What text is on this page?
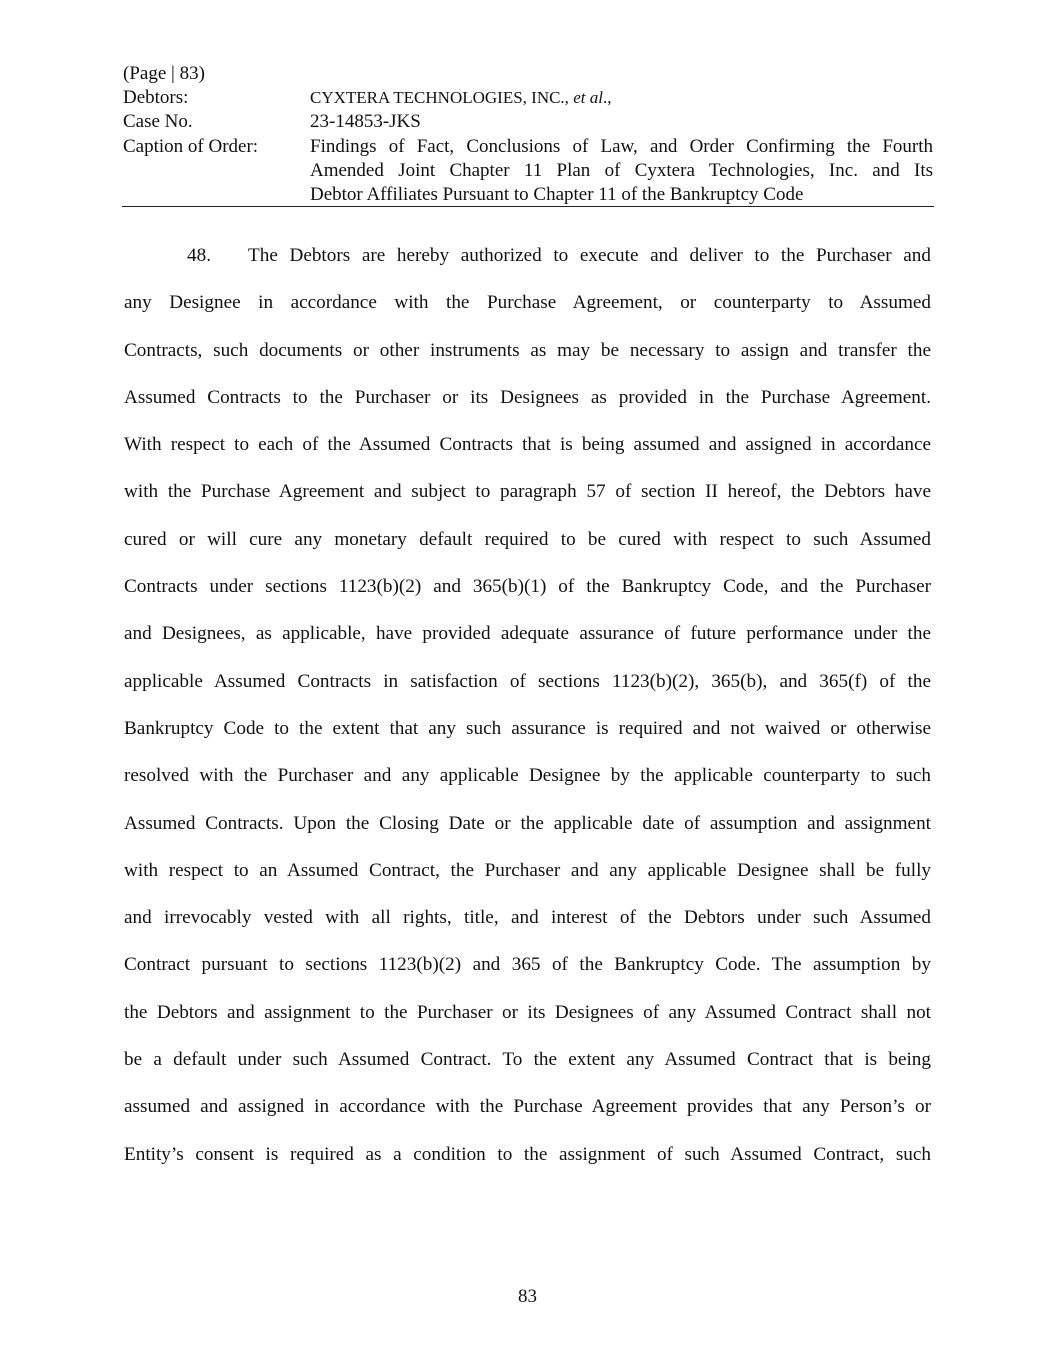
(Page | 83)
Debtors:	CYXTERA TECHNOLOGIES, INC., et al.,
Case No.	23-14853-JKS
Caption of Order:	Findings of Fact, Conclusions of Law, and Order Confirming the Fourth
Amended Joint Chapter 11 Plan of Cyxtera Technologies, Inc. and Its
Debtor Affiliates Pursuant to Chapter 11 of the Bankruptcy Code
48. The Debtors are hereby authorized to execute and deliver to the Purchaser and
any Designee in accordance with the Purchase Agreement, or counterparty to Assumed
Contracts, such documents or other instruments as may be necessary to assign and transfer the
Assumed Contracts to the Purchaser or its Designees as provided in the Purchase Agreement.
With respect to each of the Assumed Contracts that is being assumed and assigned in accordance
with the Purchase Agreement and subject to paragraph 57 of section II hereof, the Debtors have
cured or will cure any monetary default required to be cured with respect to such Assumed
Contracts under sections 1123(b)(2) and 365(b)(1) of the Bankruptcy Code, and the Purchaser
and Designees, as applicable, have provided adequate assurance of future performance under the
applicable Assumed Contracts in satisfaction of sections 1123(b)(2), 365(b), and 365(f) of the
Bankruptcy Code to the extent that any such assurance is required and not waived or otherwise
resolved with the Purchaser and any applicable Designee by the applicable counterparty to such
Assumed Contracts. Upon the Closing Date or the applicable date of assumption and assignment
with respect to an Assumed Contract, the Purchaser and any applicable Designee shall be fully
and irrevocably vested with all rights, title, and interest of the Debtors under such Assumed
Contract pursuant to sections 1123(b)(2) and 365 of the Bankruptcy Code. The assumption by
the Debtors and assignment to the Purchaser or its Designees of any Assumed Contract shall not
be a default under such Assumed Contract. To the extent any Assumed Contract that is being
assumed and assigned in accordance with the Purchase Agreement provides that any Person’s or
Entity’s consent is required as a condition to the assignment of such Assumed Contract, such
83
